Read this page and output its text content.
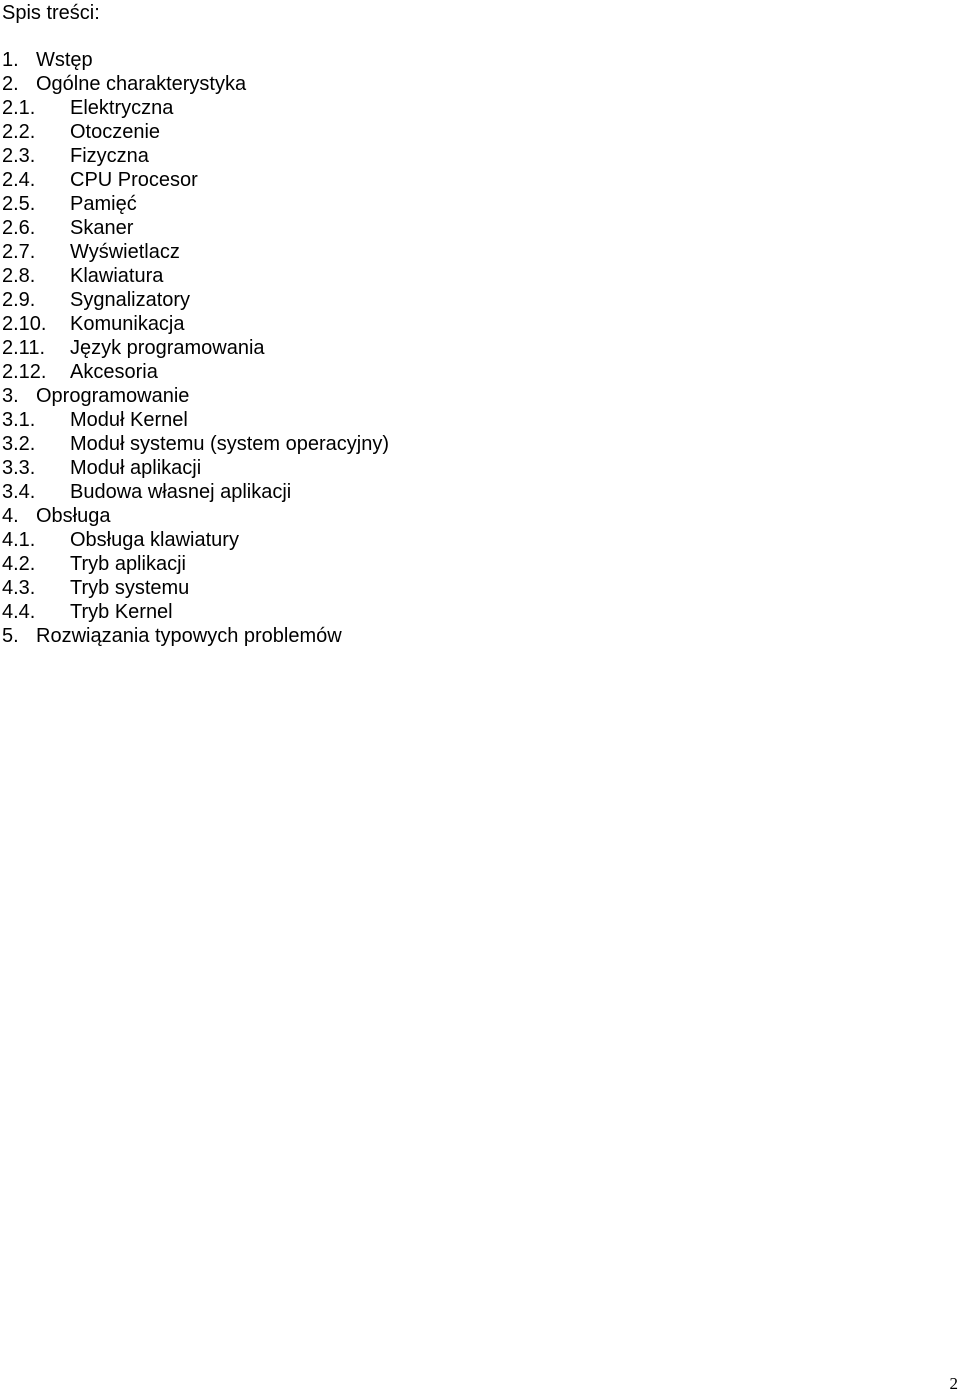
Spis treści:
1. Wstęp
2. Ogólne charakterystyka
2.1. Elektryczna
2.2. Otoczenie
2.3. Fizyczna
2.4. CPU Procesor
2.5. Pamięć
2.6. Skaner
2.7. Wyświetlacz
2.8. Klawiatura
2.9. Sygnalizatory
2.10. Komunikacja
2.11. Język programowania
2.12. Akcesoria
3. Oprogramowanie
3.1. Moduł Kernel
3.2. Moduł systemu (system operacyjny)
3.3. Moduł aplikacji
3.4. Budowa własnej aplikacji
4. Obsługa
4.1. Obsługa klawiatury
4.2. Tryb aplikacji
4.3. Tryb systemu
4.4. Tryb Kernel
5. Rozwiązania typowych problemów
2
